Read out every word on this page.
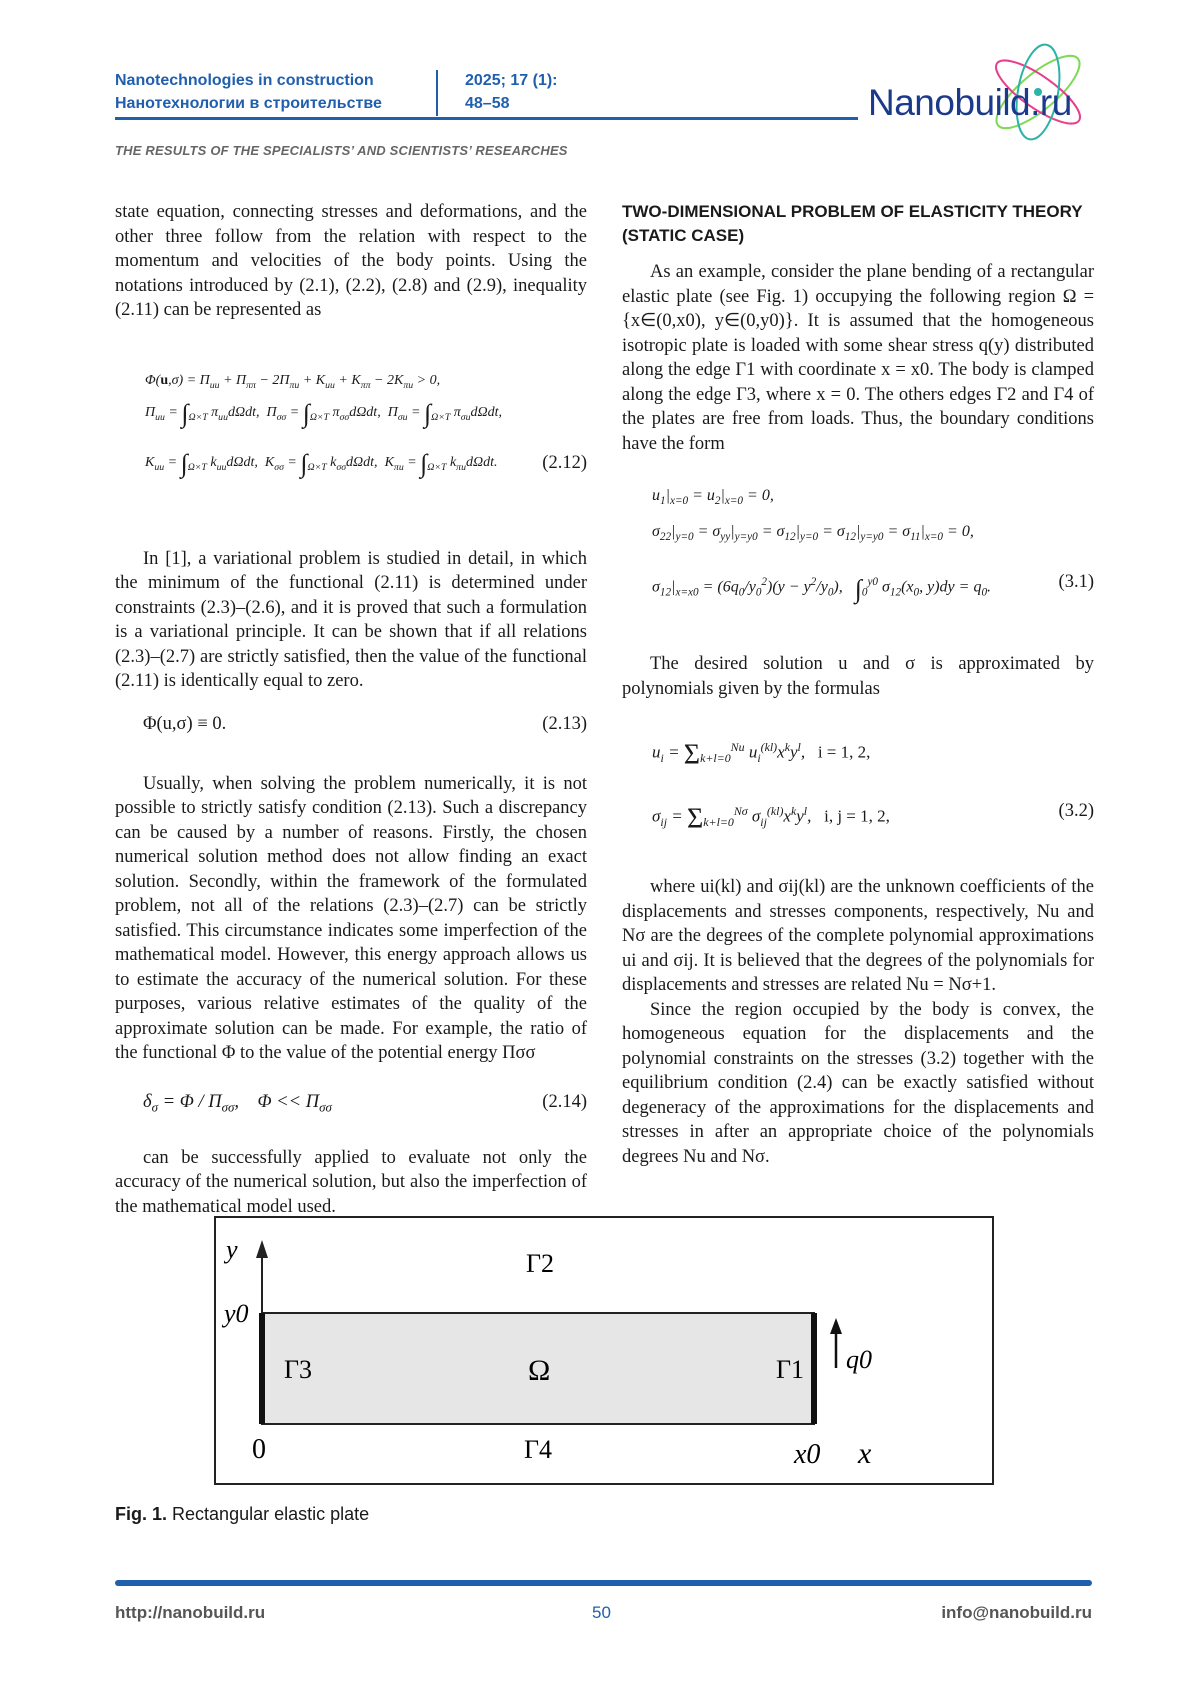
Nanotechnologies in construction
Нанотехнологии в строительстве
2025; 17 (1):
48–58	Nanobuild.ru
THE RESULTS OF THE SPECIALISTS’ AND SCIENTISTS’ RESEARCHES

state equation, connecting stresses and deformations, and the other three follow from the relation with respect to the momentum and velocities of the body points. Using the notations introduced by (2.1), (2.2), (2.8) and (2.9), inequality (2.11) can be represented as

$\Phi(u,\sigma) = \Pi_{uu} + \Pi_{\pi\pi} - 2\Pi_{\pi u} + K_{uu} + K_{\pi\pi} - 2K_{\pi u} > 0$,
$\Pi_{uu} = \int_{\Omega\times T}$ $\pi_{uu}d\Omega dt$,  $\Pi_{\sigma\sigma} = \int_{\Omega\times T}$ $\pi_{\sigma\sigma}d\Omega dt$,  $\Pi_{\sigma u} = \int_{\Omega\times T}$ $\pi_{\sigma u}d\Omega dt$,
$K_{uu} = \int_{\Omega\times T}$ $k_{uu}d\Omega dt$,  $K_{\sigma\sigma} = \int_{\Omega\times T}$ $k_{\sigma\sigma}d\Omega dt$,  $K_{\pi u} = \int_{\Omega\times T}$ $k_{\pi u}d\Omega dt$. (2.12)

In [1], a variational problem is studied in detail, in which the minimum of the functional (2.11) is determined under constraints (2.3)–(2.6), and it is proved that such a formulation is a variational principle. It can be shown that if all relations (2.3)–(2.7) are strictly satisfied, then the value of the functional (2.11) is identically equal to zero.

Φ(u,σ) ≡ 0.	(2.13)

Usually, when solving the problem numerically, it is not possible to strictly satisfy condition (2.13). Such a discrepancy can be caused by a number of reasons. Firstly, the chosen numerical solution method does not allow finding an exact solution. Secondly, within the framework of the formulated problem, not all of the relations (2.3)–(2.7) can be strictly satisfied. This circumstance indicates some imperfection of the mathematical model. However, this energy approach allows us to estimate the accuracy of the numerical solution. For these purposes, various relative estimates of the quality of the approximate solution can be made. For example, the ratio of the functional Φ to the value of the potential energy Πσσ

$\delta_\sigma = \Phi / \Pi_{\sigma\sigma}$,    $\Phi << \Pi_{\sigma\sigma}$	(2.14)

can be successfully applied to evaluate not only the accuracy of the numerical solution, but also the imperfection of the mathematical model used.

TWO-DIMENSIONAL PROBLEM OF ELASTICITY THEORY (STATIC CASE)

As an example, consider the plane bending of a rectangular elastic plate (see Fig. 1) occupying the following region Ω = {x∈(0,x0), y∈(0,y0)}. It is assumed that the homogeneous isotropic plate is loaded with some shear stress q(y) distributed along the edge Γ1 with coordinate x = x0. The body is clamped along the edge Γ3, where x = 0. The others edges Γ2 and Γ4 of the plates are free from loads. Thus, the boundary conditions have the form

$u_1|_{x=0} = u_2|_{x=0} = 0$,
$\sigma_{22}|_{y=0} = \sigma_{yy}|_{y=y0} = \sigma_{12}|_{y=0} = \sigma_{12}|_{y=y0} = \sigma_{11}|_{x=0} = 0$,
$\sigma_{12}|_{x=x0} = (6q_0/y_0^2)(y - y^2/y_0)$,   $\int_0^{y0}$ $\sigma_{12}(x_0$, $y)dy = q_0$.	(3.1)

The desired solution u and σ is approximated by polynomials given by the formulas

$u_i = \Sigma_{k+l=0}^{Nu}$ $u_i^{(kl)}x^ky^l$,   i = 1, 2,
$\sigma_{ij} = \Sigma_{k+l=0}^{N\sigma}$ $\sigma_{ij}^{(kl)}x^ky^l$,   i, j = 1, 2,	(3.2)

where ui(kl) and σij(kl) are the unknown coefficients of the displacements and stresses components, respectively, Nu and Nσ are the degrees of the complete polynomial approximations ui and σij. It is believed that the degrees of the polynomials for displacements and stresses are related Nu = Nσ+1.

Since the region occupied by the body is convex, the homogeneous equation for the displacements and the polynomial constraints on the stresses (3.2) together with the equilibrium condition (2.4) can be exactly satisfied without degeneracy of the approximations for the displacements and stresses in after an appropriate choice of the polynomials degrees Nu and Nσ.

y
y0
0
Γ2
Γ3	Ω	Γ1 q0
Γ4	x0 x
Fig. 1. Rectangular elastic plate
http://nanobuild.ru	50	info@nanobuild.ru
